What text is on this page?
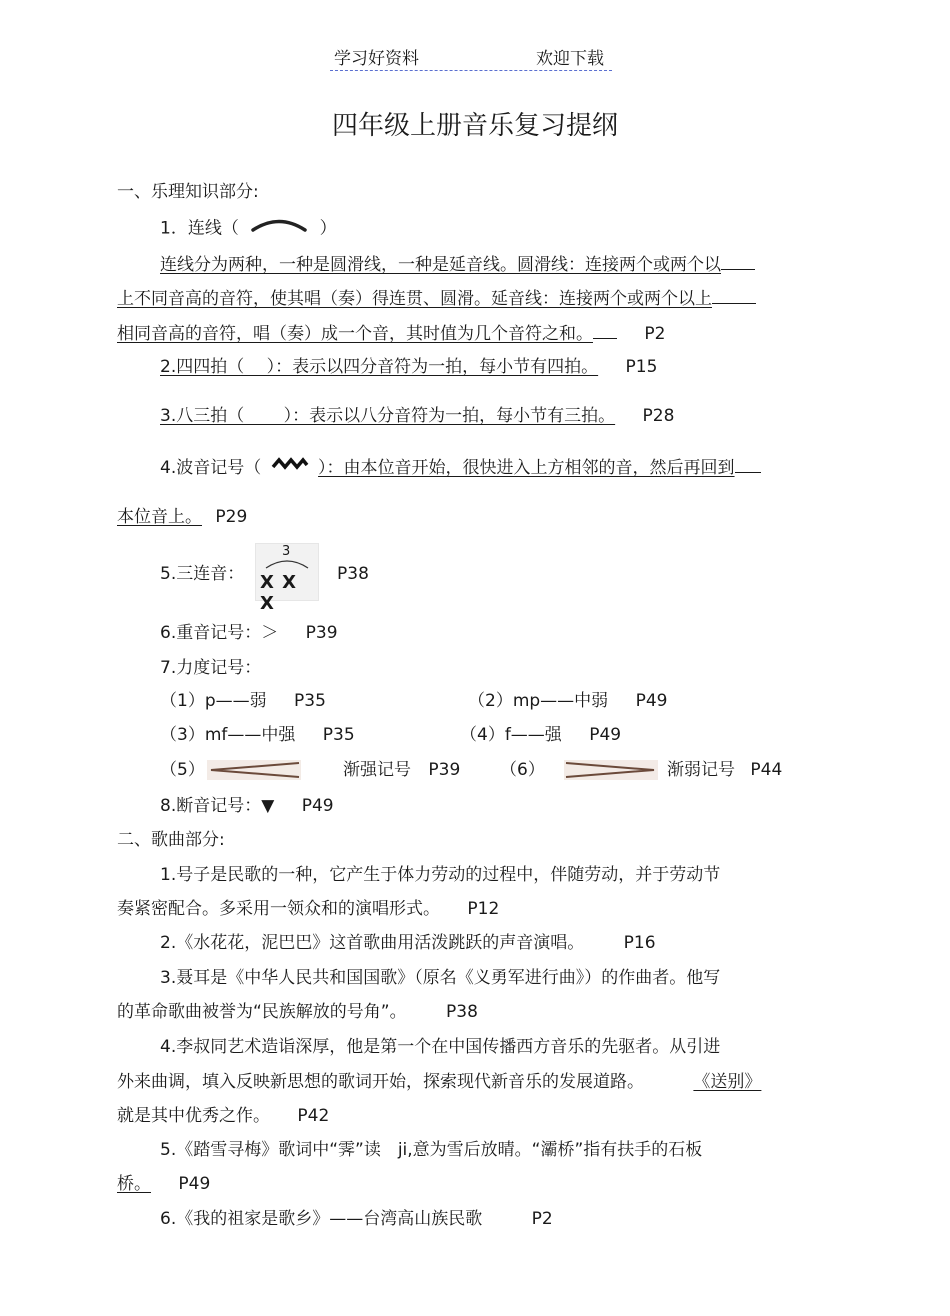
学习好资料	欢迎下载
四年级上册音乐复习提纲
一、乐理知识部分:
1．连线（	）
连线分为两种，一种是圆滑线，一种是延音线。圆滑线：连接两个或两个以
上不同音高的音符，使其唱（奏）得连贯、圆滑。延音线：连接两个或两个以上
相同音高的音符，唱（奏）成一个音，其时值为几个音符之和。	P2
2.四四拍（　 ）：表示以四分音符为一拍，每小节有四拍。 P15
3.八三拍（　　 ）：表示以八分音符为一拍，每小节有三拍。 P28
4.波音记号（	）：由本位音开始，很快进入上方相邻的音，然后再回到
本位音上。 P29
5.三连音：
3
X X X
P38
6.重音记号：＞ P39
7.力度记号：
（1）p——弱 P35	（2）mp——中弱 P49
（3）mf——中强 P35	（4）f——强 P49
（5）	渐强记号 P39 （6）	渐弱记号 P44
8.断音记号：▼ P49
二、歌曲部分:
1.号子是民歌的一种，它产生于体力劳动的过程中，伴随劳动，并于劳动节
奏紧密配合。多采用一领众和的演唱形式。 P12
2.《水花花，泥巴巴》这首歌曲用活泼跳跃的声音演唱。 P16
3.聂耳是《中华人民共和国国歌》（原名《义勇军进行曲》）的作曲者。他写
的革命歌曲被誉为“民族解放的号角”。 P38
4.李叔同艺术造诣深厚，他是第一个在中国传播西方音乐的先驱者。从引进
外来曲调，填入反映新思想的歌词开始，探索现代新音乐的发展道路。	《送别》
就是其中优秀之作。 P42
5.《踏雪寻梅》歌词中“霁”读　ji,意为雪后放晴。“灞桥”指有扶手的石板
桥。 P49
6.《我的祖家是歌乡》——台湾高山族民歌	P2
